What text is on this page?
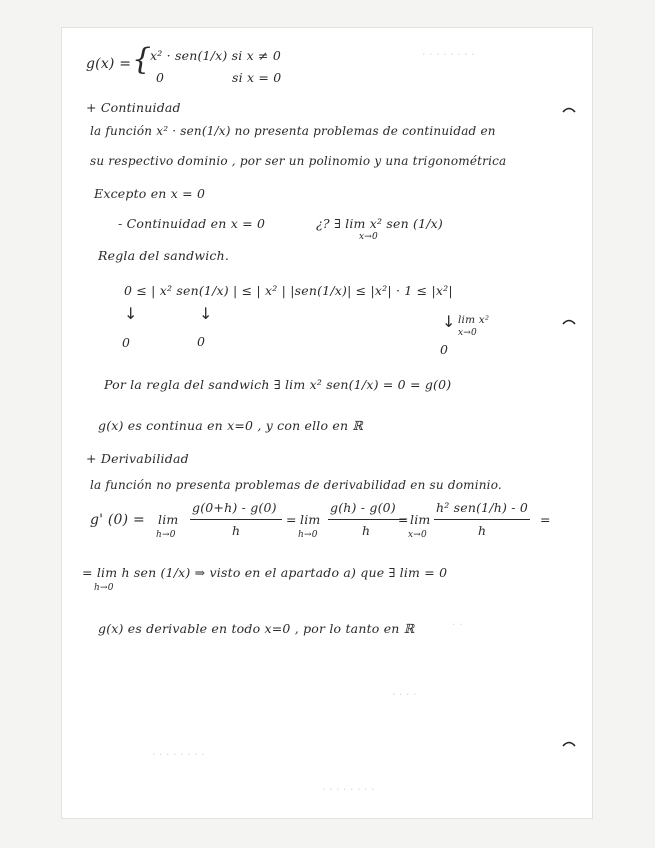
· · · · · · · ·
· ·
· · · ·
· · · · · · · ·
· · · · · · · ·
g(x) = {
x² · sen(1/x) si x ≠ 0
0	si x = 0
+ Continuidad
la función x² · sen(1/x) no presenta problemas de continuidad en
su respectivo dominio , por ser un polinomio y una trigonométrica
Excepto en x = 0
- Continuidad en x = 0	¿? ∃ lim x² sen (1/x)
x→0
Regla del sandwich.
0 ≤ | x² sen(1/x) | ≤ | x² | |sen(1/x)| ≤ |x²| · 1 ≤ |x²|
↓	↓	↓ lim x²
x→0
0	0
0
Por la regla del sandwich ∃ lim x² sen(1/x) = 0 = g(0)
g(x) es continua en x=0 , y con ello en ℝ
+ Derivabilidad
la función no presenta problemas de derivabilidad en su dominio.
g' (0) = lim
h→0
g(0+h) - g(0)
h
= lim
h→0
g(h) - g(0)
h
= lim
x→0
h² sen(1/h) - 0
h
=
= lim h sen (1/x) ⇒ visto en el apartado a) que ∃ lim = 0
h→0
g(x) es derivable en todo x=0 , por lo tanto en ℝ
